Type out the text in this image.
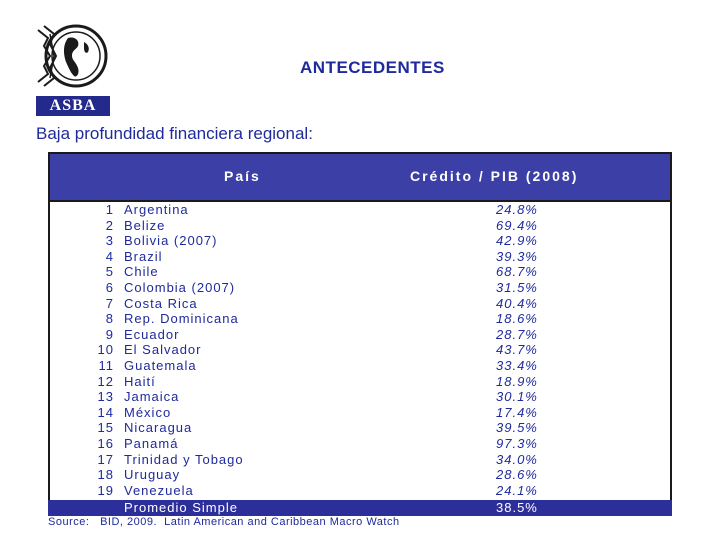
ASBA
ANTECEDENTES
Baja profundidad financiera regional:
País	Crédito / PIB (2008)
1 Argentina	24.8%
2 Belize	69.4%
3 Bolivia (2007)	42.9%
4 Brazil	39.3%
5 Chile	68.7%
6 Colombia (2007)	31.5%
7 Costa Rica	40.4%
8 Rep. Dominicana	18.6%
9 Ecuador	28.7%
10 El Salvador	43.7%
11 Guatemala	33.4%
12 Haití	18.9%
13 Jamaica	30.1%
14 México	17.4%
15 Nicaragua	39.5%
16 Panamá	97.3%
17 Trinidad y Tobago	34.0%
18 Uruguay	28.6%
19 Venezuela	24.1%
Promedio Simple	38.5%
Source:   BID, 2009.  Latin American and Caribbean Macro Watch
